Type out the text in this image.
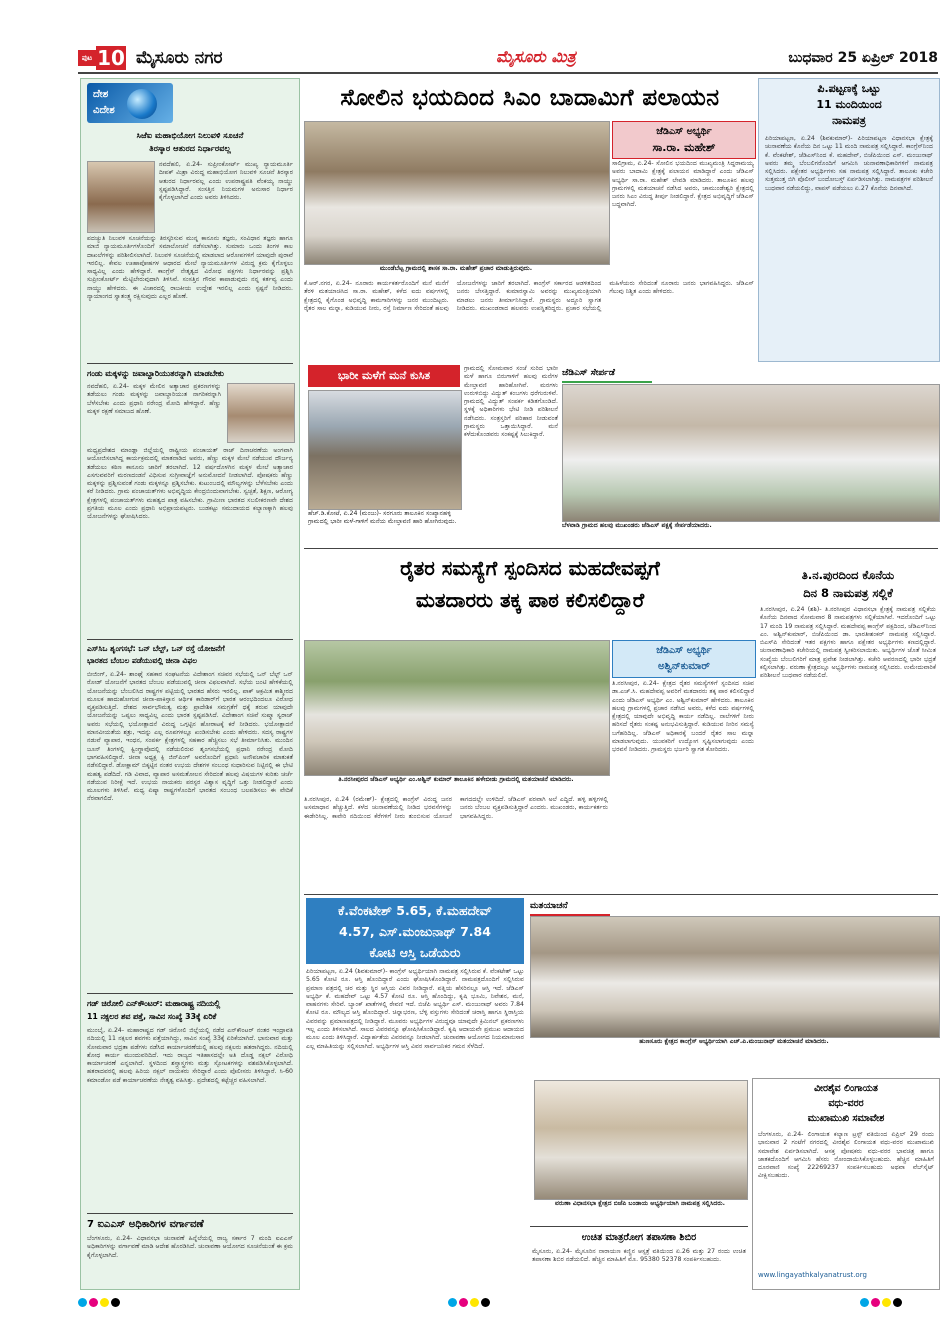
ಪುಟ 10 ಮೈಸೂರು ನಗರ	ಮೈಸೂರು ಮಿತ್ರ	ಬುಧವಾರ 25 ಏಪ್ರಿಲ್ 2018
ದೇಶ
ವಿದೇಶ
ಸಿಜೆಐ ಮಹಾಭಿಯೋಗ ನಿಲುವಳಿ ಸೂಚನೆ
ತಿರಸ್ಕಾರ ಆತುರದ ನಿರ್ಧಾರವಲ್ಲ
ನವದೆಹಲಿ, ಏ.24- ಸುಪ್ರೀಂಕೋರ್ಟ್ ಮುಖ್ಯ ನ್ಯಾಯಮೂರ್ತಿ ದೀಪಕ್ ಮಿಶ್ರಾ ವಿರುದ್ಧ ಮಹಾಭಿಯೋಗ ನಿಲುವಳಿ ಸೂಚನೆ ತಿರಸ್ಕಾರ ಆತುರದ ನಿರ್ಧಾರವಲ್ಲ ಎಂದು ಉಪರಾಷ್ಟ್ರಪತಿ ವೆಂಕಯ್ಯ ನಾಯ್ಡು ಸ್ಪಷ್ಟಪಡಿಸಿದ್ದಾರೆ. ಸಂಸತ್ತಿನ ನಿಯಮಗಳ ಅನುಸಾರ ನಿರ್ಧಾರ ಕೈಗೊಳ್ಳಲಾಗಿದೆ ಎಂದು ಅವರು ತಿಳಿಸಿದರು.
ಪದಚ್ಯುತಿ ನಿಲುವಳಿ ಸೂಚನೆಯನ್ನು ತಿರಸ್ಕರಿಸುವ ಮುನ್ನ ಕಾನೂನು ತಜ್ಞರು, ಸಂವಿಧಾನ ತಜ್ಞರು ಹಾಗೂ ಮಾಜಿ ನ್ಯಾಯಮೂರ್ತಿಗಳೊಂದಿಗೆ ಸಮಾಲೋಚನೆ ನಡೆಸಲಾಗಿತ್ತು. ಸುಮಾರು ಒಂದು ತಿಂಗಳ ಕಾಲ ದಾಖಲೆಗಳನ್ನು ಪರಿಶೀಲಿಸಲಾಗಿದೆ. ನಿಲುವಳಿ ಸೂಚನೆಯಲ್ಲಿ ಮಾಡಲಾದ ಆರೋಪಗಳಿಗೆ ಯಾವುದೇ ಪುರಾವೆ ಇರಲಿಲ್ಲ. ಕೇವಲ ಊಹಾಪೋಹಗಳ ಆಧಾರದ ಮೇಲೆ ನ್ಯಾಯಮೂರ್ತಿಗಳ ವಿರುದ್ಧ ಕ್ರಮ ಕೈಗೊಳ್ಳಲು ಸಾಧ್ಯವಿಲ್ಲ ಎಂದು ಹೇಳಿದ್ದಾರೆ. ಕಾಂಗ್ರೆಸ್ ನೇತೃತ್ವದ ವಿರೋಧ ಪಕ್ಷಗಳು ನಿರ್ಧಾರವನ್ನು ಪ್ರಶ್ನಿಸಿ ಸುಪ್ರೀಂಕೋರ್ಟ್ ಮೆಟ್ಟಿಲೇರುವುದಾಗಿ ತಿಳಿಸಿವೆ. ಸಂಸತ್ತಿನ ಗೌರವ ಕಾಪಾಡುವುದು ನನ್ನ ಕರ್ತವ್ಯ ಎಂದು ನಾಯ್ಡು ಹೇಳಿದರು. ಈ ವಿಚಾರದಲ್ಲಿ ರಾಜಕೀಯ ಉದ್ದೇಶ ಇರಲಿಲ್ಲ ಎಂದು ಸ್ಪಷ್ಟನೆ ನೀಡಿದರು. ನ್ಯಾಯಾಂಗದ ಸ್ವಾತಂತ್ರ್ಯ ರಕ್ಷಿಸುವುದು ಎಲ್ಲರ ಹೊಣೆ.
ಗಂಡು ಮಕ್ಕಳನ್ನು ಜವಾಬ್ದಾರಿಯುತರನ್ನಾಗಿ ಮಾಡಬೇಕು
ನವದೆಹಲಿ, ಏ.24- ಮಕ್ಕಳ ಮೇಲಿನ ಅತ್ಯಾಚಾರ ಪ್ರಕರಣಗಳನ್ನು ತಡೆಯಲು ಗಂಡು ಮಕ್ಕಳನ್ನು ಜವಾಬ್ದಾರಿಯುತ ನಾಗರಿಕರನ್ನಾಗಿ ಬೆಳೆಸಬೇಕು ಎಂದು ಪ್ರಧಾನಿ ನರೇಂದ್ರ ಮೋದಿ ಹೇಳಿದ್ದಾರೆ. ಹೆಣ್ಣು ಮಕ್ಕಳ ರಕ್ಷಣೆ ಸಮಾಜದ ಹೊಣೆ.
ಮಧ್ಯಪ್ರದೇಶದ ಮಾಂಡ್ಲಾ ಜಿಲ್ಲೆಯಲ್ಲಿ ರಾಷ್ಟ್ರೀಯ ಪಂಚಾಯತ್ ರಾಜ್ ದಿನಾಚರಣೆಯ ಅಂಗವಾಗಿ ಆಯೋಜಿಸಲಾಗಿದ್ದ ಕಾರ್ಯಕ್ರಮದಲ್ಲಿ ಮಾತನಾಡಿದ ಅವರು, ಹೆಣ್ಣು ಮಕ್ಕಳ ಮೇಲೆ ನಡೆಯುವ ದೌರ್ಜನ್ಯ ತಡೆಯಲು ಕಠಿಣ ಕಾನೂನು ಜಾರಿಗೆ ತರಲಾಗಿದೆ. 12 ವರ್ಷದೊಳಗಿನ ಮಕ್ಕಳ ಮೇಲೆ ಅತ್ಯಾಚಾರ ಎಸಗುವವರಿಗೆ ಮರಣದಂಡನೆ ವಿಧಿಸುವ ಸುಗ್ರೀವಾಜ್ಞೆಗೆ ಅನುಮೋದನೆ ನೀಡಲಾಗಿದೆ. ಪೋಷಕರು ಹೆಣ್ಣು ಮಕ್ಕಳನ್ನು ಪ್ರಶ್ನಿಸುವಂತೆ ಗಂಡು ಮಕ್ಕಳನ್ನೂ ಪ್ರಶ್ನಿಸಬೇಕು. ಕುಟುಂಬದಲ್ಲಿ ಮೌಲ್ಯಗಳನ್ನು ಬೆಳೆಸಬೇಕು ಎಂದು ಕರೆ ನೀಡಿದರು. ಗ್ರಾಮ ಪಂಚಾಯತ್‌ಗಳು ಅಭಿವೃದ್ಧಿಯ ಕೇಂದ್ರಬಿಂದುವಾಗಬೇಕು. ಸ್ವಚ್ಛತೆ, ಶಿಕ್ಷಣ, ಆರೋಗ್ಯ ಕ್ಷೇತ್ರಗಳಲ್ಲಿ ಪಂಚಾಯತ್‌ಗಳು ಮಹತ್ವದ ಪಾತ್ರ ವಹಿಸಬೇಕು. ಗ್ರಾಮೀಣ ಭಾರತದ ಸಬಲೀಕರಣವೇ ದೇಶದ ಪ್ರಗತಿಯ ಮೂಲ ಎಂದು ಪ್ರಧಾನಿ ಅಭಿಪ್ರಾಯಪಟ್ಟರು. ಬುಡಕಟ್ಟು ಸಮುದಾಯದ ಕಲ್ಯಾಣಕ್ಕಾಗಿ ಹಲವು ಯೋಜನೆಗಳನ್ನು ಘೋಷಿಸಿದರು.
ಎಸ್‌ಸಿಒ ಶೃಂಗಸಭೆ: ಒನ್ ಬೆಲ್ಟ್, ಒನ್ ರಸ್ತೆ ಯೋಜನೆಗೆ
ಭಾರತದ ಬೆಂಬಲ ಪಡೆಯುವಲ್ಲಿ ಚೀನಾ ವಿಫಲ
ಬೀಜಿಂಗ್, ಏ.24- ಶಾಂಘೈ ಸಹಕಾರ ಸಂಘಟನೆಯ ವಿದೇಶಾಂಗ ಸಚಿವರ ಸಭೆಯಲ್ಲಿ ಒನ್ ಬೆಲ್ಟ್ ಒನ್ ರೋಡ್ ಯೋಜನೆಗೆ ಭಾರತದ ಬೆಂಬಲ ಪಡೆಯುವಲ್ಲಿ ಚೀನಾ ವಿಫಲವಾಗಿದೆ. ಸಭೆಯ ಜಂಟಿ ಹೇಳಿಕೆಯಲ್ಲಿ ಯೋಜನೆಯನ್ನು ಬೆಂಬಲಿಸಿದ ರಾಷ್ಟ್ರಗಳ ಪಟ್ಟಿಯಲ್ಲಿ ಭಾರತದ ಹೆಸರು ಇರಲಿಲ್ಲ. ಪಾಕ್ ಆಕ್ರಮಿತ ಕಾಶ್ಮೀರದ ಮೂಲಕ ಹಾದುಹೋಗುವ ಚೀನಾ-ಪಾಕಿಸ್ತಾನ ಆರ್ಥಿಕ ಕಾರಿಡಾರ್‌ಗೆ ಭಾರತ ಆರಂಭದಿಂದಲೂ ವಿರೋಧ ವ್ಯಕ್ತಪಡಿಸುತ್ತಿದೆ. ದೇಶದ ಸಾರ್ವಭೌಮತ್ವ ಮತ್ತು ಪ್ರಾದೇಶಿಕ ಸಮಗ್ರತೆಗೆ ಧಕ್ಕೆ ತರುವ ಯಾವುದೇ ಯೋಜನೆಯನ್ನು ಒಪ್ಪಲು ಸಾಧ್ಯವಿಲ್ಲ ಎಂದು ಭಾರತ ಸ್ಪಷ್ಟಪಡಿಸಿದೆ. ವಿದೇಶಾಂಗ ಸಚಿವೆ ಸುಷ್ಮಾ ಸ್ವರಾಜ್ ಅವರು ಸಭೆಯಲ್ಲಿ ಭಯೋತ್ಪಾದನೆ ವಿರುದ್ಧ ಒಗ್ಗಟ್ಟಿನ ಹೋರಾಟಕ್ಕೆ ಕರೆ ನೀಡಿದರು. ಭಯೋತ್ಪಾದನೆ ಮಾನವೀಯತೆಯ ಶತ್ರು, ಇದನ್ನು ಎಲ್ಲ ರೂಪಗಳಲ್ಲೂ ಖಂಡಿಸಬೇಕು ಎಂದು ಹೇಳಿದರು. ಸದಸ್ಯ ರಾಷ್ಟ್ರಗಳ ನಡುವೆ ವ್ಯಾಪಾರ, ಇಂಧನ, ಸಂಪರ್ಕ ಕ್ಷೇತ್ರಗಳಲ್ಲಿ ಸಹಕಾರ ಹೆಚ್ಚಿಸಲು ಸಭೆ ತೀರ್ಮಾನಿಸಿತು. ಮುಂದಿನ ಜೂನ್ ತಿಂಗಳಲ್ಲಿ ಕ್ವಿಂಗ್ಡಾವೊದಲ್ಲಿ ನಡೆಯಲಿರುವ ಶೃಂಗಸಭೆಯಲ್ಲಿ ಪ್ರಧಾನಿ ನರೇಂದ್ರ ಮೋದಿ ಭಾಗವಹಿಸಲಿದ್ದಾರೆ. ಚೀನಾ ಅಧ್ಯಕ್ಷ ಕ್ಸಿ ಜಿನ್‌ಪಿಂಗ್ ಅವರೊಂದಿಗೆ ಪ್ರಧಾನಿ ಅನೌಪಚಾರಿಕ ಮಾತುಕತೆ ನಡೆಸಲಿದ್ದಾರೆ. ಡೋಕ್ಲಾಮ್ ಬಿಕ್ಕಟ್ಟಿನ ನಂತರ ಉಭಯ ದೇಶಗಳ ಸಂಬಂಧ ಸುಧಾರಿಸುವ ನಿಟ್ಟಿನಲ್ಲಿ ಈ ಭೇಟಿ ಮಹತ್ವ ಪಡೆದಿದೆ. ಗಡಿ ವಿವಾದ, ವ್ಯಾಪಾರ ಅಸಮತೋಲನ ಸೇರಿದಂತೆ ಹಲವು ವಿಷಯಗಳ ಕುರಿತು ಚರ್ಚೆ ನಡೆಯುವ ನಿರೀಕ್ಷೆ ಇದೆ. ಉಭಯ ನಾಯಕರು ಪರಸ್ಪರ ವಿಶ್ವಾಸ ವೃದ್ಧಿಗೆ ಒತ್ತು ನೀಡಲಿದ್ದಾರೆ ಎಂದು ಮೂಲಗಳು ತಿಳಿಸಿವೆ. ಮಧ್ಯ ಏಷ್ಯಾ ರಾಷ್ಟ್ರಗಳೊಂದಿಗೆ ಭಾರತದ ಸಂಬಂಧ ಬಲಪಡಿಸಲು ಈ ವೇದಿಕೆ ನೆರವಾಗಲಿದೆ.
ಗಡ್ ಚಿರೋಲಿ ಎನ್‌ಕೌಂಟರ್: ಮಹಾರಾಷ್ಟ್ರ ನದಿಯಲ್ಲಿ
11 ನಕ್ಸಲರ ಶವ ಪತ್ತೆ, ಸಾವಿನ ಸಂಖ್ಯೆ 33ಕ್ಕೆ ಏರಿಕೆ
ಮುಂಬೈ, ಏ.24- ಮಹಾರಾಷ್ಟ್ರದ ಗಡ್ ಚಿರೋಲಿ ಜಿಲ್ಲೆಯಲ್ಲಿ ನಡೆದ ಎನ್‌ಕೌಂಟರ್ ನಂತರ ಇಂದ್ರಾವತಿ ನದಿಯಲ್ಲಿ 11 ನಕ್ಸಲರ ಶವಗಳು ಪತ್ತೆಯಾಗಿದ್ದು, ಸಾವಿನ ಸಂಖ್ಯೆ 33ಕ್ಕೆ ಏರಿಕೆಯಾಗಿದೆ. ಭಾನುವಾರ ಮತ್ತು ಸೋಮವಾರ ಭದ್ರತಾ ಪಡೆಗಳು ನಡೆಸಿದ ಕಾರ್ಯಾಚರಣೆಯಲ್ಲಿ ಹಲವು ನಕ್ಸಲರು ಹತರಾಗಿದ್ದರು. ನದಿಯಲ್ಲಿ ಶೋಧ ಕಾರ್ಯ ಮುಂದುವರಿದಿದೆ. ಇದು ರಾಜ್ಯದ ಇತಿಹಾಸದಲ್ಲೇ ಅತಿ ದೊಡ್ಡ ನಕ್ಸಲ್ ವಿರೋಧಿ ಕಾರ್ಯಾಚರಣೆ ಎನ್ನಲಾಗಿದೆ. ಸ್ಥಳದಿಂದ ಶಸ್ತ್ರಾಸ್ತ್ರಗಳು ಮತ್ತು ಸ್ಫೋಟಕಗಳನ್ನು ವಶಪಡಿಸಿಕೊಳ್ಳಲಾಗಿದೆ. ಹತರಾದವರಲ್ಲಿ ಹಲವು ಹಿರಿಯ ನಕ್ಸಲ್ ನಾಯಕರು ಸೇರಿದ್ದಾರೆ ಎಂದು ಪೊಲೀಸರು ತಿಳಿಸಿದ್ದಾರೆ. ಸಿ-60 ಕಮಾಂಡೋ ಪಡೆ ಕಾರ್ಯಾಚರಣೆಯ ನೇತೃತ್ವ ವಹಿಸಿತ್ತು. ಪ್ರದೇಶದಲ್ಲಿ ಕಟ್ಟೆಚ್ಚರ ವಹಿಸಲಾಗಿದೆ.
7 ಐಎಎಸ್ ಅಧಿಕಾರಿಗಳ ವರ್ಗಾವಣೆ
ಬೆಂಗಳೂರು, ಏ.24- ವಿಧಾನಸಭಾ ಚುನಾವಣೆ ಹಿನ್ನೆಲೆಯಲ್ಲಿ ರಾಜ್ಯ ಸರ್ಕಾರ 7 ಮಂದಿ ಐಎಎಸ್ ಅಧಿಕಾರಿಗಳನ್ನು ವರ್ಗಾವಣೆ ಮಾಡಿ ಆದೇಶ ಹೊರಡಿಸಿದೆ. ಚುನಾವಣಾ ಆಯೋಗದ ಸೂಚನೆಯಂತೆ ಈ ಕ್ರಮ ಕೈಗೊಳ್ಳಲಾಗಿದೆ.
ಸೋಲಿನ ಭಯದಿಂದ ಸಿಎಂ ಬಾದಾಮಿಗೆ ಪಲಾಯನ
ಜೆಡಿಎಸ್ ಅಭ್ಯರ್ಥಿ
ಸಾ.ರಾ. ಮಹೇಶ್
ಮುಂಡೆಬೆಟ್ಟ ಗ್ರಾಮದಲ್ಲಿ ಶಾಸಕ ಸಾ.ರಾ. ಮಹೇಶ್ ಪ್ರಚಾರ ಮಾಡುತ್ತಿರುವುದು.
ಸಾಲಿಗ್ರಾಮ, ಏ.24- ಸೋಲಿನ ಭಯದಿಂದ ಮುಖ್ಯಮಂತ್ರಿ ಸಿದ್ದರಾಮಯ್ಯ ಅವರು ಬಾದಾಮಿ ಕ್ಷೇತ್ರಕ್ಕೆ ಪಲಾಯನ ಮಾಡಿದ್ದಾರೆ ಎಂದು ಜೆಡಿಎಸ್ ಅಭ್ಯರ್ಥಿ ಸಾ.ರಾ. ಮಹೇಶ್ ಲೇವಡಿ ಮಾಡಿದರು. ತಾಲೂಕಿನ ಹಲವು ಗ್ರಾಮಗಳಲ್ಲಿ ಮತಯಾಚನೆ ನಡೆಸಿದ ಅವರು, ಚಾಮುಂಡೇಶ್ವರಿ ಕ್ಷೇತ್ರದಲ್ಲಿ ಜನರು ಸಿಎಂ ವಿರುದ್ಧ ತೀರ್ಪು ನೀಡಲಿದ್ದಾರೆ. ಕ್ಷೇತ್ರದ ಅಭಿವೃದ್ಧಿಗೆ ಜೆಡಿಎಸ್ ಬದ್ಧವಾಗಿದೆ.
ಕೆ.ಆರ್.ನಗರ, ಏ.24- ನೂರಾರು ಕಾರ್ಯಕರ್ತರೊಂದಿಗೆ ಮನೆ ಮನೆಗೆ ತೆರಳಿ ಮತಯಾಚಿಸಿದ ಸಾ.ರಾ. ಮಹೇಶ್, ಕಳೆದ ಐದು ವರ್ಷಗಳಲ್ಲಿ ಕ್ಷೇತ್ರದಲ್ಲಿ ಕೈಗೊಂಡ ಅಭಿವೃದ್ಧಿ ಕಾಮಗಾರಿಗಳನ್ನು ಜನರ ಮುಂದಿಟ್ಟರು. ರೈತರ ಸಾಲ ಮನ್ನಾ, ಕುಡಿಯುವ ನೀರು, ರಸ್ತೆ ನಿರ್ಮಾಣ ಸೇರಿದಂತೆ ಹಲವು ಯೋಜನೆಗಳನ್ನು ಜಾರಿಗೆ ತರಲಾಗಿದೆ. ಕಾಂಗ್ರೆಸ್ ಸರ್ಕಾರದ ಆಡಳಿತದಿಂದ ಜನರು ಬೇಸತ್ತಿದ್ದಾರೆ. ಕುಮಾರಸ್ವಾಮಿ ಅವರನ್ನು ಮುಖ್ಯಮಂತ್ರಿಯಾಗಿ ಮಾಡಲು ಜನರು ತೀರ್ಮಾನಿಸಿದ್ದಾರೆ. ಗ್ರಾಮಸ್ಥರು ಅದ್ದೂರಿ ಸ್ವಾಗತ ನೀಡಿದರು. ಮುಖಂಡರಾದ ಹಲವರು ಉಪಸ್ಥಿತರಿದ್ದರು. ಪ್ರಚಾರ ಸಭೆಯಲ್ಲಿ ಮಹಿಳೆಯರು ಸೇರಿದಂತೆ ನೂರಾರು ಜನರು ಭಾಗವಹಿಸಿದ್ದರು. ಜೆಡಿಎಸ್ ಗೆಲುವು ನಿಶ್ಚಿತ ಎಂದು ಹೇಳಿದರು.
ಪಿ.ಪಟ್ಟಣಕ್ಕೆ ಒಟ್ಟು
11 ಮಂದಿಯಿಂದ
ನಾಮಪತ್ರ
ಪಿರಿಯಾಪಟ್ಟಣ, ಏ.24 (ಶಿವಕುಮಾರ್)- ಪಿರಿಯಾಪಟ್ಟಣ ವಿಧಾನಸಭಾ ಕ್ಷೇತ್ರಕ್ಕೆ ಚುನಾವಣೆಯ ಕೊನೆಯ ದಿನ ಒಟ್ಟು 11 ಮಂದಿ ನಾಮಪತ್ರ ಸಲ್ಲಿಸಿದ್ದಾರೆ. ಕಾಂಗ್ರೆಸ್‌ನಿಂದ ಕೆ. ವೆಂಕಟೇಶ್, ಜೆಡಿಎಸ್‌ನಿಂದ ಕೆ. ಮಹದೇವ್, ಬಿಜೆಪಿಯಿಂದ ಎಸ್. ಮಂಜುನಾಥ್ ಅವರು ತಮ್ಮ ಬೆಂಬಲಿಗರೊಂದಿಗೆ ಆಗಮಿಸಿ ಚುನಾವಣಾಧಿಕಾರಿಗಳಿಗೆ ನಾಮಪತ್ರ ಸಲ್ಲಿಸಿದರು. ಪಕ್ಷೇತರ ಅಭ್ಯರ್ಥಿಗಳು ಸಹ ನಾಮಪತ್ರ ಸಲ್ಲಿಸಿದ್ದಾರೆ. ತಾಲೂಕು ಕಚೇರಿ ಸುತ್ತಮುತ್ತ ಬಿಗಿ ಪೊಲೀಸ್ ಬಂದೋಬಸ್ತ್ ಏರ್ಪಡಿಸಲಾಗಿತ್ತು. ನಾಮಪತ್ರಗಳ ಪರಿಶೀಲನೆ ಬುಧವಾರ ನಡೆಯಲಿದ್ದು, ವಾಪಸ್ ಪಡೆಯಲು ಏ.27 ಕೊನೆಯ ದಿನವಾಗಿದೆ.
ಭಾರೀ ಮಳೆಗೆ ಮನೆ ಕುಸಿತ
ಹೆಚ್.ಡಿ.ಕೋಟೆ, ಏ.24 (ಮಂಜು)- ಸರಗೂರು ತಾಲೂಕಿನ ಸಂಖ್ಯಾನಹಳ್ಳಿ ಗ್ರಾಮದಲ್ಲಿ ಭಾರೀ ಮಳೆ-ಗಾಳಿಗೆ ಮನೆಯ ಮೇಲ್ಛಾವಣಿ ಹಾರಿ ಹೋಗಿರುವುದು.
ಗ್ರಾಮದಲ್ಲಿ ಸೋಮವಾರ ಸಂಜೆ ಸುರಿದ ಭಾರೀ ಮಳೆ ಹಾಗೂ ಬಿರುಗಾಳಿಗೆ ಹಲವು ಮನೆಗಳ ಮೇಲ್ಛಾವಣಿ ಹಾರಿಹೋಗಿವೆ. ಮರಗಳು ಉರುಳಿಬಿದ್ದು ವಿದ್ಯುತ್ ಕಂಬಗಳು ಧರೆಗುರುಳಿವೆ. ಗ್ರಾಮದಲ್ಲಿ ವಿದ್ಯುತ್ ಸಂಪರ್ಕ ಕಡಿತಗೊಂಡಿದೆ. ಸ್ಥಳಕ್ಕೆ ಅಧಿಕಾರಿಗಳು ಭೇಟಿ ನೀಡಿ ಪರಿಶೀಲನೆ ನಡೆಸಿದರು. ಸಂತ್ರಸ್ತರಿಗೆ ಪರಿಹಾರ ನೀಡುವಂತೆ ಗ್ರಾಮಸ್ಥರು ಒತ್ತಾಯಿಸಿದ್ದಾರೆ. ಮನೆ ಕಳೆದುಕೊಂಡವರು ಸಂಕಷ್ಟಕ್ಕೆ ಸಿಲುಕಿದ್ದಾರೆ.
ಜೆಡಿಎಸ್ ಸೇರ್ಪಡೆ
ಬೆಳವಾಡಿ ಗ್ರಾಮದ ಹಲವು ಮುಖಂಡರು ಜೆಡಿಎಸ್ ಪಕ್ಷಕ್ಕೆ ಸೇರ್ಪಡೆಯಾದರು.
ರೈತರ ಸಮಸ್ಯೆಗೆ ಸ್ಪಂದಿಸದ ಮಹದೇವಪ್ಪಗೆ
ಮತದಾರರು ತಕ್ಕ ಪಾಠ ಕಲಿಸಲಿದ್ದಾರೆ
ಜೆಡಿಎಸ್ ಅಭ್ಯರ್ಥಿ
ಅಶ್ವಿನ್‌ಕುಮಾರ್
ತಿ.ನರಸೀಪುರದ ಜೆಡಿಎಸ್ ಅಭ್ಯರ್ಥಿ ಎಂ.ಅಶ್ವಿನ್ ಕುಮಾರ್ ತಾಲೂಕಿನ ಹಳೇಬೀಡು ಗ್ರಾಮದಲ್ಲಿ ಮತಯಾಚನೆ ಮಾಡಿದರು.
ತಿ.ನರಸೀಪುರ, ಏ.24- ಕ್ಷೇತ್ರದ ರೈತರ ಸಮಸ್ಯೆಗಳಿಗೆ ಸ್ಪಂದಿಸದ ಸಚಿವ ಡಾ.ಎಚ್.ಸಿ. ಮಹದೇವಪ್ಪ ಅವರಿಗೆ ಮತದಾರರು ತಕ್ಕ ಪಾಠ ಕಲಿಸಲಿದ್ದಾರೆ ಎಂದು ಜೆಡಿಎಸ್ ಅಭ್ಯರ್ಥಿ ಎಂ. ಅಶ್ವಿನ್‌ಕುಮಾರ್ ಹೇಳಿದರು. ತಾಲೂಕಿನ ಹಲವು ಗ್ರಾಮಗಳಲ್ಲಿ ಪ್ರಚಾರ ನಡೆಸಿದ ಅವರು, ಕಳೆದ ಐದು ವರ್ಷಗಳಲ್ಲಿ ಕ್ಷೇತ್ರದಲ್ಲಿ ಯಾವುದೇ ಅಭಿವೃದ್ಧಿ ಕಾರ್ಯ ನಡೆದಿಲ್ಲ. ನಾಲೆಗಳಿಗೆ ನೀರು ಹರಿಸದೆ ರೈತರು ಸಂಕಷ್ಟ ಅನುಭವಿಸುತ್ತಿದ್ದಾರೆ. ಕುಡಿಯುವ ನೀರಿನ ಸಮಸ್ಯೆ ಬಗೆಹರಿದಿಲ್ಲ. ಜೆಡಿಎಸ್ ಅಧಿಕಾರಕ್ಕೆ ಬಂದರೆ ರೈತರ ಸಾಲ ಮನ್ನಾ ಮಾಡಲಾಗುವುದು. ಯುವಕರಿಗೆ ಉದ್ಯೋಗ ಸೃಷ್ಟಿಸಲಾಗುವುದು ಎಂದು ಭರವಸೆ ನೀಡಿದರು. ಗ್ರಾಮಸ್ಥರು ಭರ್ಜರಿ ಸ್ವಾಗತ ಕೋರಿದರು.
ತಿ.ನರಸೀಪುರ, ಏ.24 (ರಮೇಶ್)- ಕ್ಷೇತ್ರದಲ್ಲಿ ಕಾಂಗ್ರೆಸ್ ವಿರುದ್ಧ ಜನರ ಅಸಮಾಧಾನ ಹೆಚ್ಚುತ್ತಿದೆ. ಕಳೆದ ಚುನಾವಣೆಯಲ್ಲಿ ನೀಡಿದ ಭರವಸೆಗಳನ್ನು ಈಡೇರಿಸಿಲ್ಲ. ಕಾವೇರಿ ನದಿಯಿಂದ ಕೆರೆಗಳಿಗೆ ನೀರು ತುಂಬಿಸುವ ಯೋಜನೆ ಕಾಗದದಲ್ಲೇ ಉಳಿದಿದೆ. ಜೆಡಿಎಸ್ ಪರವಾಗಿ ಅಲೆ ಎದ್ದಿದೆ. ಹಳ್ಳಿ ಹಳ್ಳಿಗಳಲ್ಲಿ ಜನರು ಬೆಂಬಲ ವ್ಯಕ್ತಪಡಿಸುತ್ತಿದ್ದಾರೆ ಎಂದರು. ಮುಖಂಡರು, ಕಾರ್ಯಕರ್ತರು ಭಾಗವಹಿಸಿದ್ದರು.
ತಿ.ನ.ಪುರದಿಂದ ಕೊನೆಯ
ದಿನ 8 ನಾಮಪತ್ರ ಸಲ್ಲಿಕೆ
ತಿ.ನರಸೀಪುರ, ಏ.24 (ಶಶಿ)- ತಿ.ನರಸೀಪುರ ವಿಧಾನಸಭಾ ಕ್ಷೇತ್ರಕ್ಕೆ ನಾಮಪತ್ರ ಸಲ್ಲಿಕೆಯ ಕೊನೆಯ ದಿನವಾದ ಸೋಮವಾರ 8 ನಾಮಪತ್ರಗಳು ಸಲ್ಲಿಕೆಯಾಗಿವೆ. ಇದರೊಂದಿಗೆ ಒಟ್ಟು 17 ಮಂದಿ 19 ನಾಮಪತ್ರ ಸಲ್ಲಿಸಿದ್ದಾರೆ. ಮಹದೇವಪ್ಪ ಕಾಂಗ್ರೆಸ್ ಪಕ್ಷದಿಂದ, ಜೆಡಿಎಸ್‌ನಿಂದ ಎಂ. ಅಶ್ವಿನ್‌ಕುಮಾರ್, ಬಿಜೆಪಿಯಿಂದ ಡಾ. ಭಾರತೀಶಂಕರ್ ನಾಮಪತ್ರ ಸಲ್ಲಿಸಿದ್ದಾರೆ. ಬಿಎಸ್‌ಪಿ ಸೇರಿದಂತೆ ಇತರ ಪಕ್ಷಗಳು ಹಾಗೂ ಪಕ್ಷೇತರ ಅಭ್ಯರ್ಥಿಗಳು ಕಣದಲ್ಲಿದ್ದಾರೆ. ಚುನಾವಣಾಧಿಕಾರಿ ಕಚೇರಿಯಲ್ಲಿ ನಾಮಪತ್ರ ಸ್ವೀಕರಿಸಲಾಯಿತು. ಅಭ್ಯರ್ಥಿಗಳ ಜೊತೆ ಸೀಮಿತ ಸಂಖ್ಯೆಯ ಬೆಂಬಲಿಗರಿಗೆ ಮಾತ್ರ ಪ್ರವೇಶ ನೀಡಲಾಗಿತ್ತು. ಕಚೇರಿ ಆವರಣದಲ್ಲಿ ಭಾರೀ ಭದ್ರತೆ ಕಲ್ಪಿಸಲಾಗಿತ್ತು. ವರುಣಾ ಕ್ಷೇತ್ರದಲ್ಲೂ ಅಭ್ಯರ್ಥಿಗಳು ನಾಮಪತ್ರ ಸಲ್ಲಿಸಿದರು. ಉಮೇದುವಾರಿಕೆ ಪರಿಶೀಲನೆ ಬುಧವಾರ ನಡೆಯಲಿದೆ.
ಕೆ.ವೆಂಕಟೇಶ್ 5.65, ಕೆ.ಮಹದೇವ್
4.57, ಎಸ್.ಮಂಜುನಾಥ್ 7.84
ಕೋಟಿ ಆಸ್ತಿ ಒಡೆಯರು
ಪಿರಿಯಾಪಟ್ಟಣ, ಏ.24 (ಶಿವಕುಮಾರ್)- ಕಾಂಗ್ರೆಸ್ ಅಭ್ಯರ್ಥಿಯಾಗಿ ನಾಮಪತ್ರ ಸಲ್ಲಿಸಿರುವ ಕೆ. ವೆಂಕಟೇಶ್ ಒಟ್ಟು 5.65 ಕೋಟಿ ರೂ. ಆಸ್ತಿ ಹೊಂದಿದ್ದಾರೆ ಎಂದು ಘೋಷಿಸಿಕೊಂಡಿದ್ದಾರೆ. ನಾಮಪತ್ರದೊಂದಿಗೆ ಸಲ್ಲಿಸಿರುವ ಪ್ರಮಾಣ ಪತ್ರದಲ್ಲಿ ಚರ ಮತ್ತು ಸ್ಥಿರ ಆಸ್ತಿಯ ವಿವರ ನೀಡಿದ್ದಾರೆ. ಪತ್ನಿಯ ಹೆಸರಿನಲ್ಲೂ ಆಸ್ತಿ ಇದೆ. ಜೆಡಿಎಸ್ ಅಭ್ಯರ್ಥಿ ಕೆ. ಮಹದೇವ್ ಒಟ್ಟು 4.57 ಕೋಟಿ ರೂ. ಆಸ್ತಿ ಹೊಂದಿದ್ದು, ಕೃಷಿ ಭೂಮಿ, ನಿವೇಶನ, ಮನೆ, ವಾಹನಗಳು ಸೇರಿವೆ. ಬ್ಯಾಂಕ್ ಖಾತೆಗಳಲ್ಲಿ ಠೇವಣಿ ಇದೆ. ಬಿಜೆಪಿ ಅಭ್ಯರ್ಥಿ ಎಸ್. ಮಂಜುನಾಥ್ ಅವರು 7.84 ಕೋಟಿ ರೂ. ಮೌಲ್ಯದ ಆಸ್ತಿ ಹೊಂದಿದ್ದಾರೆ. ಚಿನ್ನಾಭರಣ, ಬೆಳ್ಳಿ ವಸ್ತುಗಳು ಸೇರಿದಂತೆ ಚರಾಸ್ತಿ ಹಾಗೂ ಸ್ಥಿರಾಸ್ತಿಯ ವಿವರವನ್ನು ಪ್ರಮಾಣಪತ್ರದಲ್ಲಿ ನೀಡಿದ್ದಾರೆ. ಮೂವರು ಅಭ್ಯರ್ಥಿಗಳ ವಿರುದ್ಧವೂ ಯಾವುದೇ ಕ್ರಿಮಿನಲ್ ಪ್ರಕರಣಗಳು ಇಲ್ಲ ಎಂದು ತಿಳಿಸಲಾಗಿದೆ. ಸಾಲದ ವಿವರವನ್ನೂ ಘೋಷಿಸಿಕೊಂಡಿದ್ದಾರೆ. ಕೃಷಿ ಆದಾಯವೇ ಪ್ರಮುಖ ಆದಾಯದ ಮೂಲ ಎಂದು ತಿಳಿಸಿದ್ದಾರೆ. ವಿದ್ಯಾರ್ಹತೆಯ ವಿವರವನ್ನೂ ನೀಡಲಾಗಿದೆ. ಚುನಾವಣಾ ಆಯೋಗದ ನಿಯಮಾನುಸಾರ ಎಲ್ಲ ಮಾಹಿತಿಯನ್ನು ಸಲ್ಲಿಸಲಾಗಿದೆ. ಅಭ್ಯರ್ಥಿಗಳ ಆಸ್ತಿ ವಿವರ ಸಾರ್ವಜನಿಕರ ಗಮನ ಸೆಳೆದಿದೆ.
ಮತಯಾಚನೆ
ಹುಣಸೂರು ಕ್ಷೇತ್ರದ ಕಾಂಗ್ರೆಸ್ ಅಭ್ಯರ್ಥಿಯಾಗಿ ಎಚ್.ಪಿ.ಮಂಜುನಾಥ್ ಮತಯಾಚನೆ ಮಾಡಿದರು.
ವರುಣಾ ವಿಧಾನಸಭಾ ಕ್ಷೇತ್ರದ ಬಿಜೆಪಿ ಬಂಡಾಯ ಅಭ್ಯರ್ಥಿಯಾಗಿ ನಾಮಪತ್ರ ಸಲ್ಲಿಸಿದರು.
ವೀರಶೈವ ಲಿಂಗಾಯತ
ವಧು-ವರರ
ಮುಖಾಮುಖಿ ಸಮಾವೇಶ
ಬೆಂಗಳೂರು, ಏ.24- ಲಿಂಗಾಯತ ಕಲ್ಯಾಣ ಟ್ರಸ್ಟ್ ವತಿಯಿಂದ ಏಪ್ರಿಲ್ 29 ರಂದು ಭಾನುವಾರ 2 ಗಂಟೆಗೆ ನಗರದಲ್ಲಿ ವೀರಶೈವ ಲಿಂಗಾಯತ ವಧು-ವರರ ಮುಖಾಮುಖಿ ಸಮಾವೇಶ ಏರ್ಪಡಿಸಲಾಗಿದೆ. ಆಸಕ್ತ ಪೋಷಕರು ವಧು-ವರರ ಭಾವಚಿತ್ರ ಹಾಗೂ ಜಾತಕದೊಂದಿಗೆ ಆಗಮಿಸಿ ಹೆಸರು ನೋಂದಾಯಿಸಿಕೊಳ್ಳಬಹುದು. ಹೆಚ್ಚಿನ ಮಾಹಿತಿಗೆ ದೂರವಾಣಿ ಸಂಖ್ಯೆ 22269237 ಸಂಪರ್ಕಿಸಬಹುದು ಅಥವಾ ವೆಬ್‌ಸೈಟ್ ವೀಕ್ಷಿಸಬಹುದು.
www.lingayathkalyanatrust.org
ಉಚಿತ ಮಾತ್ರರೋಗ ತಪಾಸಣಾ ಶಿಬಿರ
ಮೈಸೂರು, ಏ.24- ಮೈಸೂರಿನ ನಾರಾಯಣ ಕಣ್ಣಿನ ಆಸ್ಪತ್ರೆ ವತಿಯಿಂದ ಏ.26 ಮತ್ತು 27 ರಂದು ಉಚಿತ ತಪಾಸಣಾ ಶಿಬಿರ ನಡೆಯಲಿದೆ. ಹೆಚ್ಚಿನ ಮಾಹಿತಿಗೆ ಮೊ. 95380 52378 ಸಂಪರ್ಕಿಸಬಹುದು.
